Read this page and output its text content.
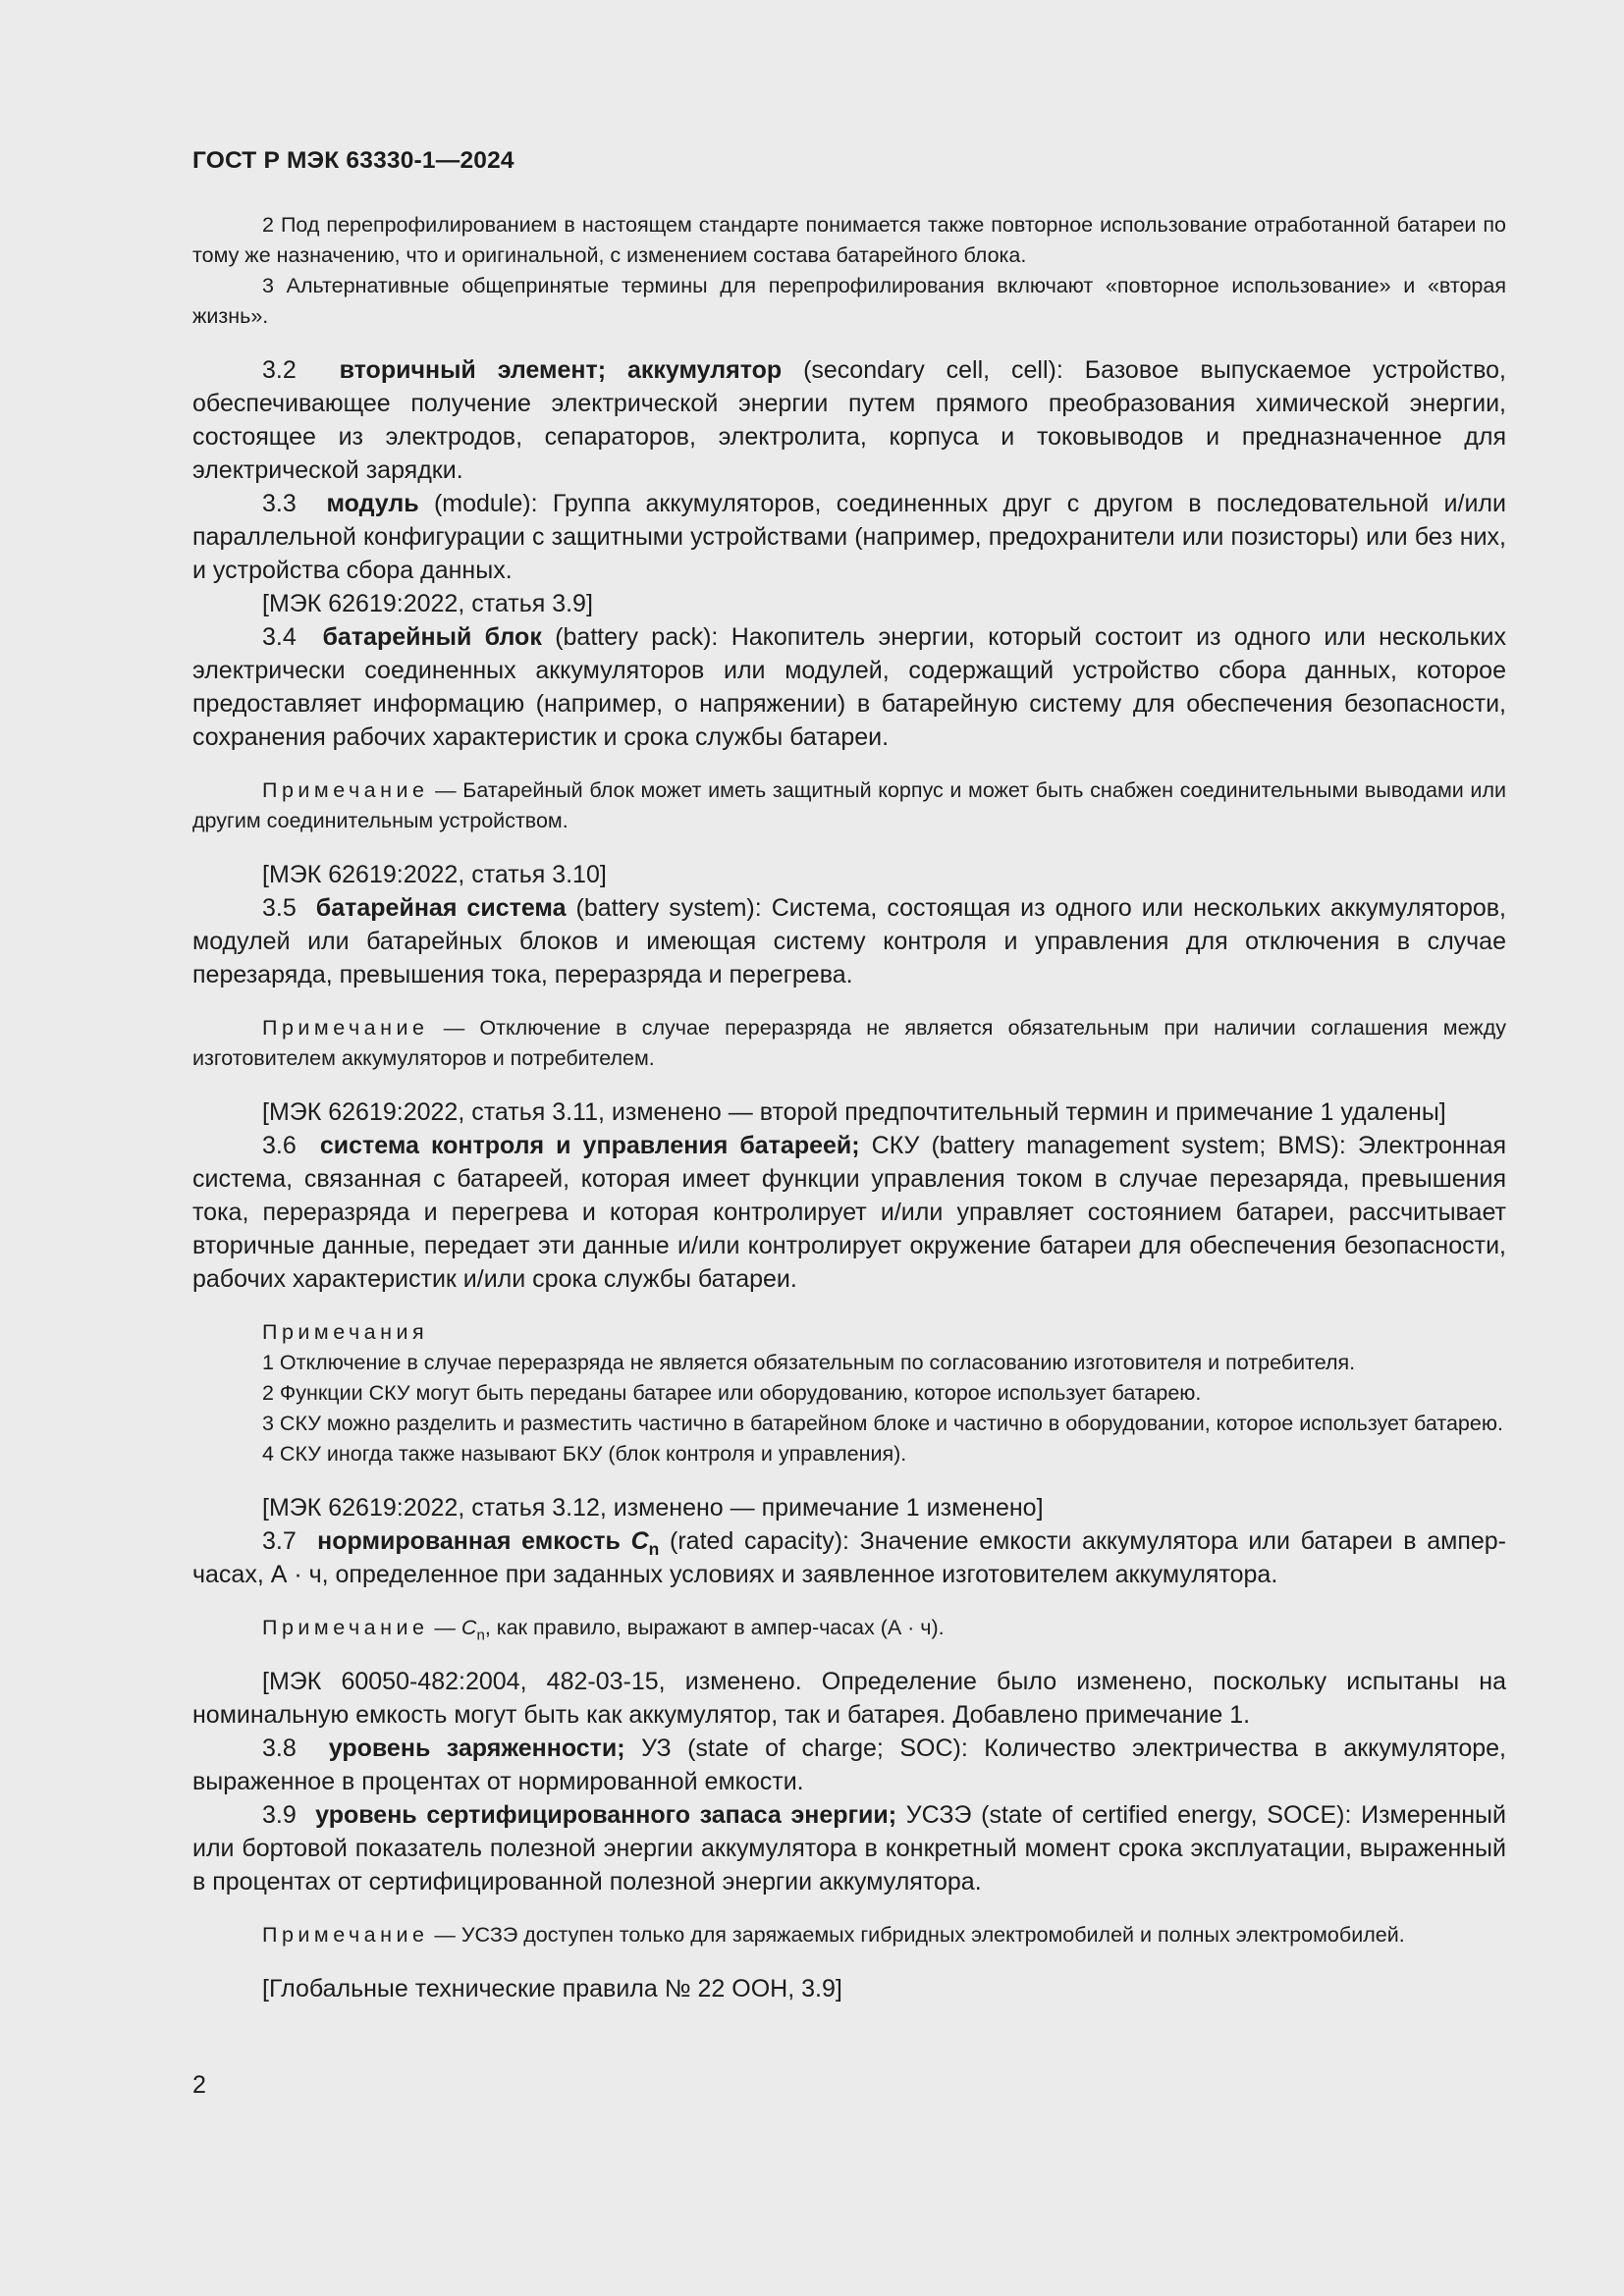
ГОСТ Р МЭК 63330-1—2024

2 Под перепрофилированием в настоящем стандарте понимается также повторное использование отработанной батареи по тому же назначению, что и оригинальной, с изменением состава батарейного блока.

3 Альтернативные общепринятые термины для перепрофилирования включают «повторное использование» и «вторая жизнь».

3.2 вторичный элемент; аккумулятор (secondary cell, cell): Базовое выпускаемое устройство, обеспечивающее получение электрической энергии путем прямого преобразования химической энергии, состоящее из электродов, сепараторов, электролита, корпуса и токовыводов и предназначенное для электрической зарядки.

3.3 модуль (module): Группа аккумуляторов, соединенных друг с другом в последовательной и/или параллельной конфигурации с защитными устройствами (например, предохранители или позисторы) или без них, и устройства сбора данных.

[МЭК 62619:2022, статья 3.9]

3.4 батарейный блок (battery pack): Накопитель энергии, который состоит из одного или нескольких электрически соединенных аккумуляторов или модулей, содержащий устройство сбора данных, которое предоставляет информацию (например, о напряжении) в батарейную систему для обеспечения безопасности, сохранения рабочих характеристик и срока службы батареи.

Примечание — Батарейный блок может иметь защитный корпус и может быть снабжен соединительными выводами или другим соединительным устройством.

[МЭК 62619:2022, статья 3.10]

3.5 батарейная система (battery system): Система, состоящая из одного или нескольких аккумуляторов, модулей или батарейных блоков и имеющая систему контроля и управления для отключения в случае перезаряда, превышения тока, переразряда и перегрева.

Примечание — Отключение в случае переразряда не является обязательным при наличии соглашения между изготовителем аккумуляторов и потребителем.

[МЭК 62619:2022, статья 3.11, изменено — второй предпочтительный термин и примечание 1 удалены]

3.6 система контроля и управления батареей; СКУ (battery management system; BMS): Электронная система, связанная с батареей, которая имеет функции управления током в случае перезаряда, превышения тока, переразряда и перегрева и которая контролирует и/или управляет состоянием батареи, рассчитывает вторичные данные, передает эти данные и/или контролирует окружение батареи для обеспечения безопасности, рабочих характеристик и/или срока службы батареи.

Примечания

1 Отключение в случае переразряда не является обязательным по согласованию изготовителя и потребителя.

2 Функции СКУ могут быть переданы батарее или оборудованию, которое использует батарею.

3 СКУ можно разделить и разместить частично в батарейном блоке и частично в оборудовании, которое использует батарею.

4 СКУ иногда также называют БКУ (блок контроля и управления).

[МЭК 62619:2022, статья 3.12, изменено — примечание 1 изменено]

3.7 нормированная емкость $C_n$ (rated capacity): Значение емкости аккумулятора или батареи в ампер-часах, А · ч, определенное при заданных условиях и заявленное изготовителем аккумулятора.

Примечание — $C_n$, как правило, выражают в ампер-часах (А · ч).

[МЭК 60050-482:2004, 482-03-15, изменено. Определение было изменено, поскольку испытаны на номинальную емкость могут быть как аккумулятор, так и батарея. Добавлено примечание 1.

3.8 уровень заряженности; УЗ (state of charge; SOC): Количество электричества в аккумуляторе, выраженное в процентах от нормированной емкости.

3.9 уровень сертифицированного запаса энергии; УСЗЭ (state of certified energy, SOCE): Измеренный или бортовой показатель полезной энергии аккумулятора в конкретный момент срока эксплуатации, выраженный в процентах от сертифицированной полезной энергии аккумулятора.

Примечание — УСЗЭ доступен только для заряжаемых гибридных электромобилей и полных электромобилей.

[Глобальные технические правила № 22 ООН, 3.9]

2
